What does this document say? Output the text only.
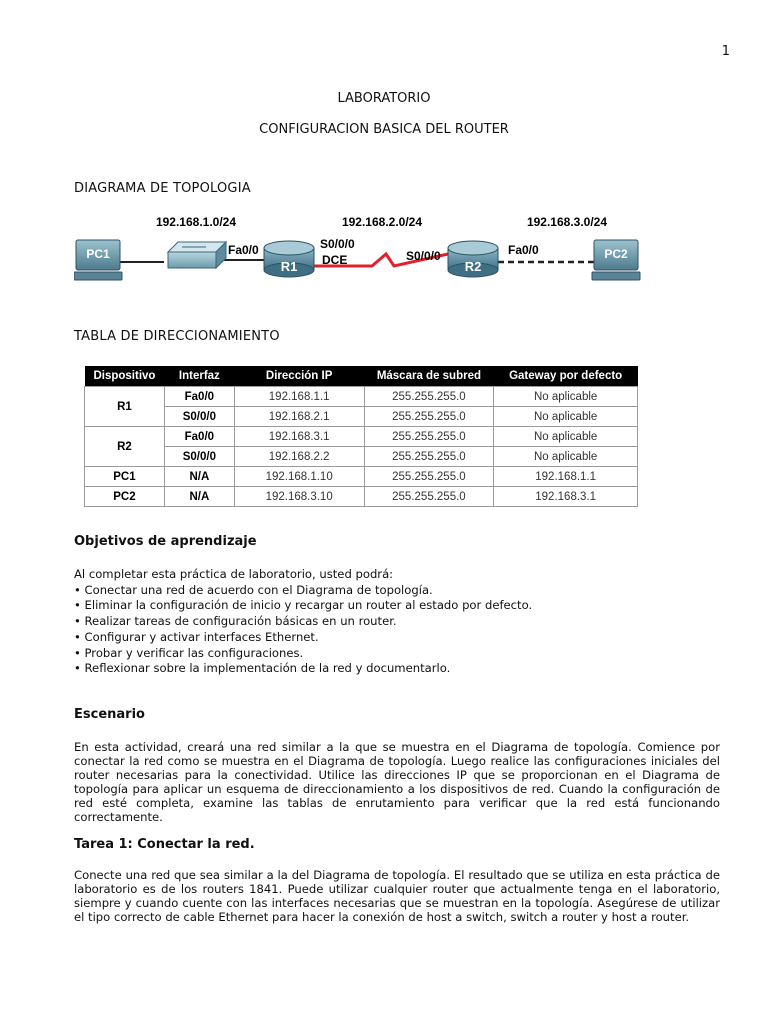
1
LABORATORIO
CONFIGURACION BASICA DEL ROUTER
DIAGRAMA DE TOPOLOGIA
192.168.1.0/24	192.168.2.0/24	192.168.3.0/24
PC1	Fa0/0
R1
S0/0/0
DCE	S0/0/0
R2
Fa0/0	PC2
TABLA DE DIRECCIONAMIENTO
Dispositivo	Interfaz	Dirección IP	Máscara de subred	Gateway por defecto
R1	Fa0/0	192.168.1.1	255.255.255.0	No aplicable
	S0/0/0	192.168.2.1	255.255.255.0	No aplicable
R2	Fa0/0	192.168.3.1	255.255.255.0	No aplicable
	S0/0/0	192.168.2.2	255.255.255.0	No aplicable
PC1	N/A	192.168.1.10	255.255.255.0	192.168.1.1
PC2	N/A	192.168.3.10	255.255.255.0	192.168.3.1
Objetivos de aprendizaje
Al completar esta práctica de laboratorio, usted podrá:
• Conectar una red de acuerdo con el Diagrama de topología.
• Eliminar la configuración de inicio y recargar un router al estado por defecto.
• Realizar tareas de configuración básicas en un router.
• Configurar y activar interfaces Ethernet.
• Probar y verificar las configuraciones.
• Reflexionar sobre la implementación de la red y documentarlo.
Escenario
En esta actividad, creará una red similar a la que se muestra en el Diagrama de topología. Comience por conectar la red como se muestra en el Diagrama de topología. Luego realice las configuraciones iniciales del router necesarias para la conectividad. Utilice las direcciones IP que se proporcionan en el Diagrama de topología para aplicar un esquema de direccionamiento a los dispositivos de red. Cuando la configuración de red esté completa, examine las tablas de enrutamiento para verificar que la red está funcionando correctamente.
Tarea 1: Conectar la red.
Conecte una red que sea similar a la del Diagrama de topología. El resultado que se utiliza en esta práctica de laboratorio es de los routers 1841. Puede utilizar cualquier router que actualmente tenga en el laboratorio, siempre y cuando cuente con las interfaces necesarias que se muestran en la topología. Asegúrese de utilizar el tipo correcto de cable Ethernet para hacer la conexión de host a switch, switch a router y host a router.
